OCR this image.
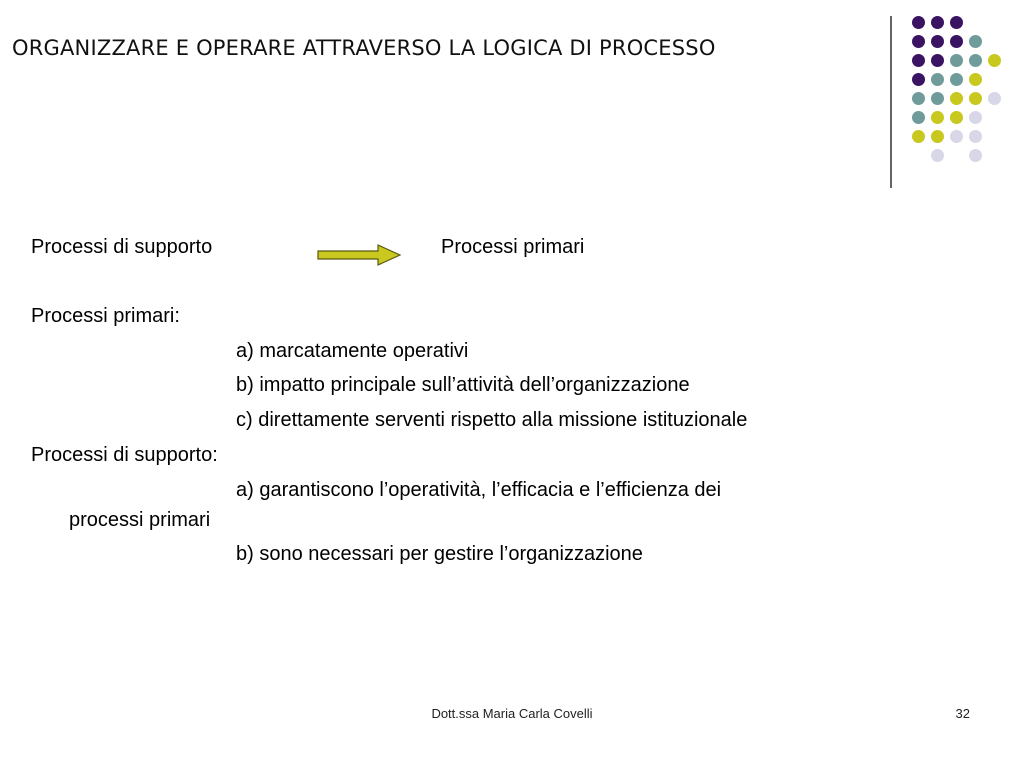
ORGANIZZARE E OPERARE ATTRAVERSO LA LOGICA DI PROCESSO
Processi di supporto	Processi primari
Processi primari:
a) marcatamente operativi
b) impatto principale sull’attività dell’organizzazione
c) direttamente serventi rispetto alla missione istituzionale
Processi di supporto:
a) garantiscono l’operatività, l’efficacia e l’efficienza dei
processi primari
b) sono necessari per gestire l’organizzazione
Dott.ssa Maria Carla Covelli	32
